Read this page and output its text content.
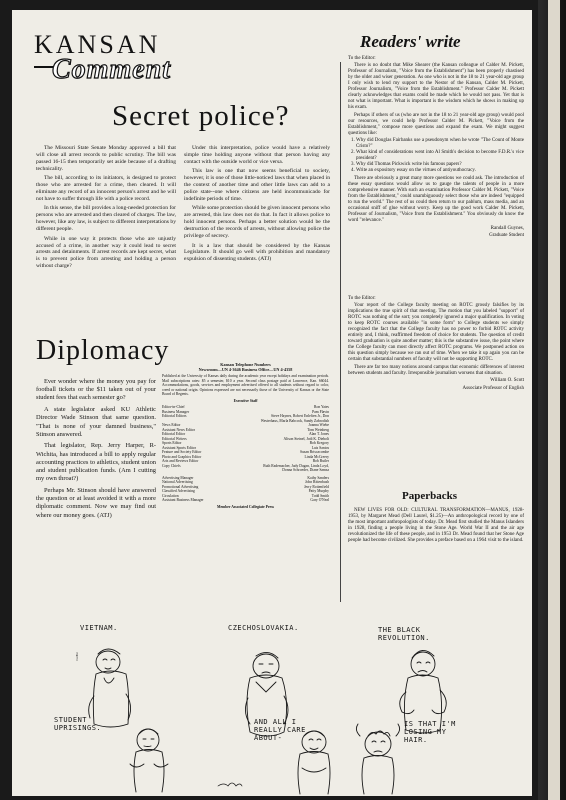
KANSAN
Comment
Readers' write
Secret police?

The Missouri State Senate Monday approved a bill that will close all arrest records to public scrutiny. The bill was passed 16-15 then temporarily set aside because of a drafting technicality.

The bill, according to its initiators, is designed to protect those who are arrested for a crime, then cleared. It will eliminate any record of an innocent person's arrest and he will not have to suffer through life with a police record.

In this sense, the bill provides a long-needed protection for persons who are arrested and then cleared of charges. The law, however, like any law, is subject to different interpretations by different people.

While in one way it protects those who are unjustly accused of a crime, in another way it could lead to secret arrests and detainments. If arrest records are kept secret, what is to prevent police from arresting and holding a person without charge?

Under this interpretation, police would have a relatively simple time holding anyone without that person having any contact with the outside world or vice versa.

This law is one that now seems beneficial to society, however, it is one of those little-noticed laws that when placed in the context of another time and other little laws can add to a police state--one where citizens are held incommunicado for indefinite periods of time.

While some protection should be given innocent persons who are arrested, this law does not do that. In fact it allows police to hold innocent persons. Perhaps a better solution would be the destruction of the records of arrests, without allowing police the privilege of secrecy.

It is a law that should be considered by the Kansas Legislature. It should go well with prohibition and mandatory expulsion of dissenting students. (ATJ)

Diplomacy

Ever wonder where the money you pay for football tickets or the $11 taken out of your student fees that each semester go?

A state legislator asked KU Athletic Director Wade Stinson that same question. "That is none of your damned business," Stinson answered.

That legislator, Rep. Jerry Harper, R-Wichita, has introduced a bill to apply regular accounting practices to athletics, student union and student publication funds. (Am I cutting my own throat?)

Perhaps Mr. Stinson should have answered the question or at least avoided it with a more diplomatic comment. Now we may find out where our money goes. (ATJ)

Kansan Telephone Numbers
Newsroom—UN 4-3646 Business Office—UN 4-4358
Published at the University of Kansas daily during the academic year except holidays and examination periods. Mail subscriptions rates: $5 a semester, $10 a year. Second class postage paid at Lawrence, Kan. 66044. Accommodations, goods, services and employment advertised offered to all students without regard to color, creed or national origin. Opinions expressed are not necessarily those of the University of Kansas or the State Board of Regents.
Executive Staff
Editor-in-Chief	Ron Yates
Business Manager	Pam Flavin
Editorial Editors	Steve Haynes, Robert Enlefien Jr., Don
Westerhaus, Marla Babcock, Sandy Zabrodish
News Editor	Joanna Wiebe
Assistant News Editor	Tom Weinberg
Editorial Editor	Alan T. Jones
Editorial Writers	Alison Steinel, Jodi K. Diebolt
Sports Editor	Bob Kregory
Assistant Sports Editor	Luis Santos
Feature and Society Editor	Susan Briscacombe
Photo and Graphics Editor	Linda McCreery
Arts and Reviews Editor	Bob Butler
Copy Chiefs	Ruth Rademacher, Judy Dagan, Linda Loyd,
Donna Schroeder, Diane Samsa
Advertising Manager	Kathy Sanders
National Advertising	John Rittenbush
Promotional Advertising	Jerry Rottenfield
Classified Advertising	Patty Murphy
Circulation	Todd Smith
Assistant Business Manager	Gary O'Neal
Member Associated Collegiate Press

To the Editor:

There is no doubt that Mike Shearer (the Kansan colleague of Calder M. Pickett, Professor of Journalism, "Voice from the Establishment") has been properly chastised by the older and wiser generation. As one who is not in the 18 to 21 year-old age group I only wish to lend my support to the Nestor of the Kansan, Calder M. Pickett, Professor Journalism, "Voice from the Establishment." Professor Calder M. Pickett clearly acknowledges that exams could be made which he would not pass. Yet that is not what is important. What is important is the wisdom which he shows in making up his exam.

Perhaps if others of us (who are not in the 18 to 21 year-old age group) would pool our resources, we could help Professor Calder M. Pickett, "Voice from the Establishment," compose more questions and expand the exam. We might suggest questions like:

1. Why did Douglas Fairbanks use a pseudonym when he wrote "The Count of Monte Cristo?"
2. What kind of considerations went into Al Smith's decision to become F.D.R.'s vice president?
3. Why did Thomas Pickwick write his famous papers?
4. Write an expository essay on the virtues of antiyouthocracy.

There are obviously a great many more questions we could ask. The introduction of these essay questions would allow us to gauge the talents of people in a more comprehensive manner. With such an examination Professor Calder M. Pickett, "Voice from the Establishment," could unambiguously select those who are indeed "equipped to run the world." The rest of us could then return to our pablum, mass media, and an occasional sniff of glue without worry. Keep up the good work Calder M. Pickett, Professor of Journalism, "Voice from the Establishment." You obviously do know the word "relevance."

Randall Guynes,

Graduate Student

To the Editor:

Your report of the College faculty meeting on ROTC grossly falsifies by its implications the true spirit of that meeting. The motion that you labeled "support" of ROTC was nothing of the sort; you completely ignored a major qualification. In voting to keep ROTC courses available "in some form" to College students we simply recognized the fact that the College faculty has no power to forbid ROTC activity entirely and, I think, reaffirmed freedom of choice for students. The question of credit toward graduation is quite another matter; this is the substantive issue, the point where the College faculty can most directly affect ROTC programs. We postponed action on this question simply because we ran out of time. When we take it up again you can be certain that substantial numbers of faculty will not be supporting ROTC.

There are far too many notions around campus that economic differences of interest between students and faculty. Irresponsible journalism worsens that situation.

William O. Scott

Associate Professor of English

Paperbacks

NEW LIVES FOR OLD: CULTURAL TRANSFORMATION—MANUS, 1928-1953, by Margaret Mead (Dell Laurel, $1.25)—An anthropological record by one of the most important anthropologists of today. Dr. Mead first studied the Manus Islanders in 1928, finding a people living in the Stone Age. World War II and the air age revolutionized the life of these people, and in 1953 Dr. Mead found that her Stone Age people had become civilized. She provides a preface based on a 1964 visit to the island.

Feiffer
VIETNAM.	CZECHOSLOVAKIA.	THE BLACK REVOLUTION.
STUDENT UPRISINGS.
AND ALL I REALLY CARE ABOUT-
IS THAT I'M LOSING MY HAIR.
